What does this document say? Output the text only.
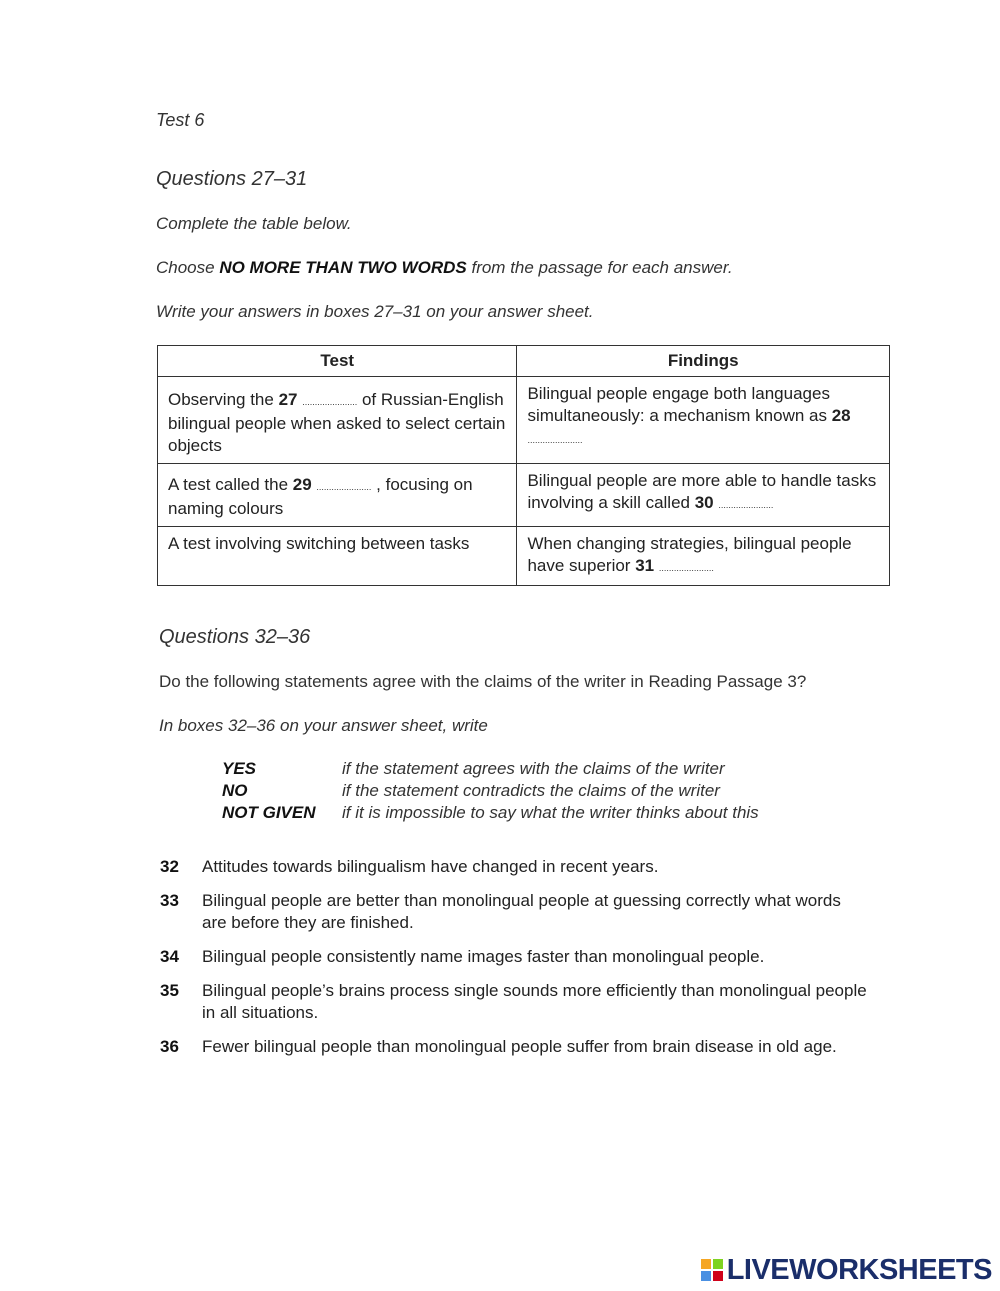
Test 6
Questions 27–31
Complete the table below.
Choose NO MORE THAN TWO WORDS from the passage for each answer.
Write your answers in boxes 27–31 on your answer sheet.
Test	Findings
Observing the 27 ...................... of Russian-English bilingual people when asked to select certain objects	Bilingual people engage both languages simultaneously: a mechanism known as 28 ......................
A test called the 29 ...................... , focusing on naming colours	Bilingual people are more able to handle tasks involving a skill called 30 ......................
A test involving switching between tasks	When changing strategies, bilingual people have superior 31 ......................
Questions 32–36
Do the following statements agree with the claims of the writer in Reading Passage 3?
In boxes 32–36 on your answer sheet, write
YES	if the statement agrees with the claims of the writer
NO	if the statement contradicts the claims of the writer
NOT GIVEN	if it is impossible to say what the writer thinks about this
32	Attitudes towards bilingualism have changed in recent years.
33	Bilingual people are better than monolingual people at guessing correctly what words are before they are finished.
34	Bilingual people consistently name images faster than monolingual people.
35	Bilingual people’s brains process single sounds more efficiently than monolingual people in all situations.
36	Fewer bilingual people than monolingual people suffer from brain disease in old age.
LIVEWORKSHEETS
